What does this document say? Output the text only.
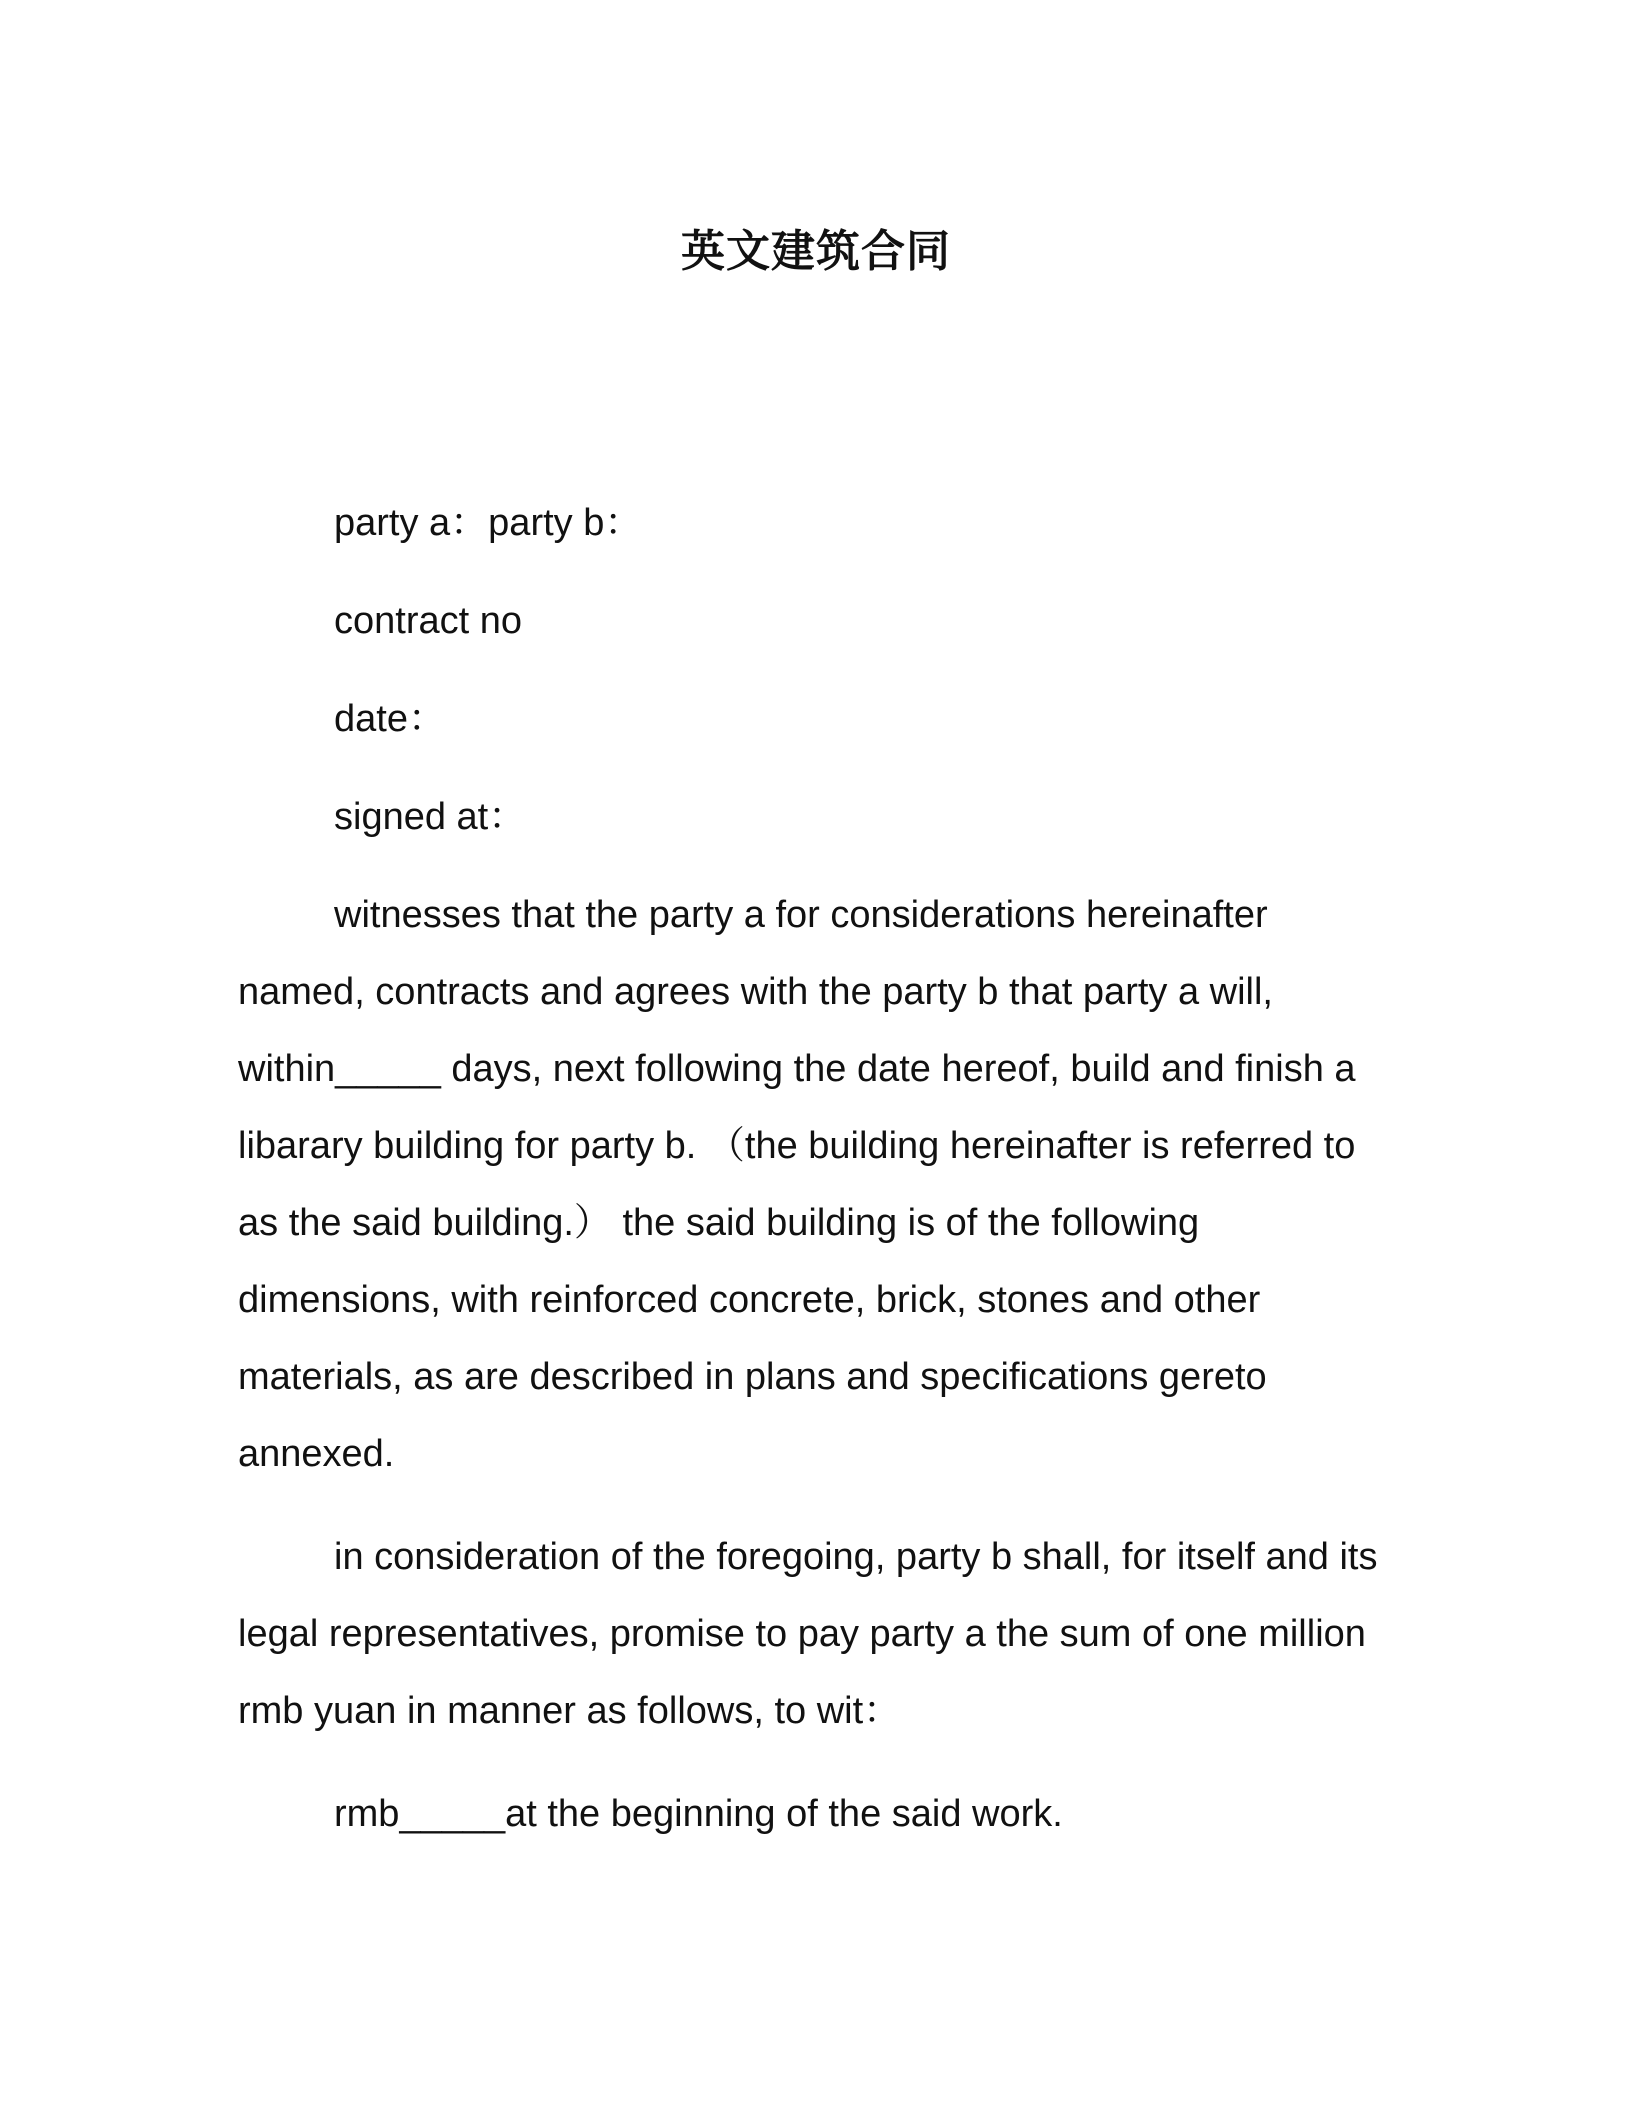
英文建筑合同

party a：party b：

contract no

date：

signed at：

witnesses that the party a for considerations hereinafter named, contracts and agrees with the party b that party a will, within_____ days, next following the date hereof, build and finish a libarary building for party b. （the building hereinafter is referred to as the said building.） the said building is of the following dimensions, with reinforced concrete, brick, stones and other materials, as are described in plans and specifications gereto annexed.

in consideration of the foregoing, party b shall, for itself and its legal representatives, promise to pay party a the sum of one million rmb yuan in manner as follows, to wit：

rmb_____at the beginning of the said work.
